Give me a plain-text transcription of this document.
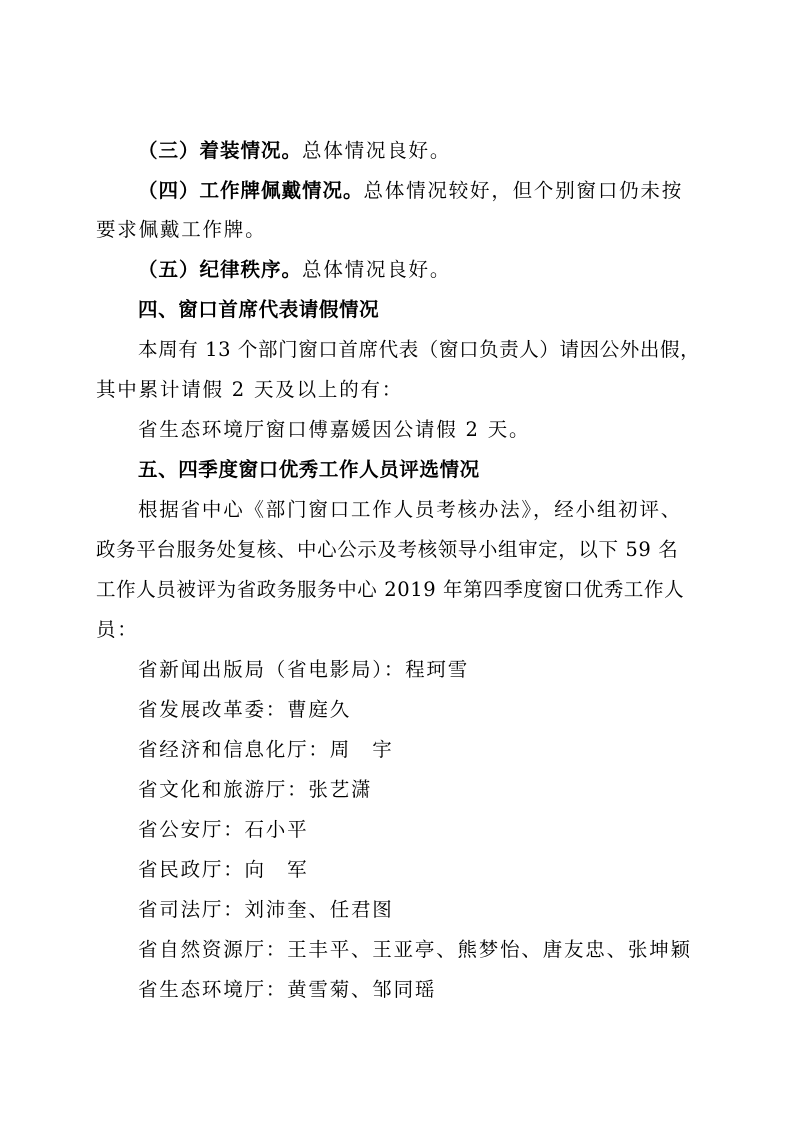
（三）着装情况。总体情况良好。
（四）工作牌佩戴情况。总体情况较好，但个别窗口仍未按
要求佩戴工作牌。
（五）纪律秩序。总体情况良好。
四、窗口首席代表请假情况
本周有 13 个部门窗口首席代表（窗口负责人）请因公外出假，
其中累计请假 2 天及以上的有：
省生态环境厅窗口傅嘉媛因公请假 2 天。
五、四季度窗口优秀工作人员评选情况
根据省中心《部门窗口工作人员考核办法》，经小组初评、
政务平台服务处复核、中心公示及考核领导小组审定，以下 59 名
工作人员被评为省政务服务中心 2019 年第四季度窗口优秀工作人
员：
省新闻出版局（省电影局）：程珂雪
省发展改革委：曹庭久
省经济和信息化厅：周　宇
省文化和旅游厅：张艺潇
省公安厅：石小平
省民政厅：向　军
省司法厅：刘沛奎、任君图
省自然资源厅：王丰平、王亚亭、熊梦怡、唐友忠、张坤颖
省生态环境厅：黄雪菊、邹同瑶
